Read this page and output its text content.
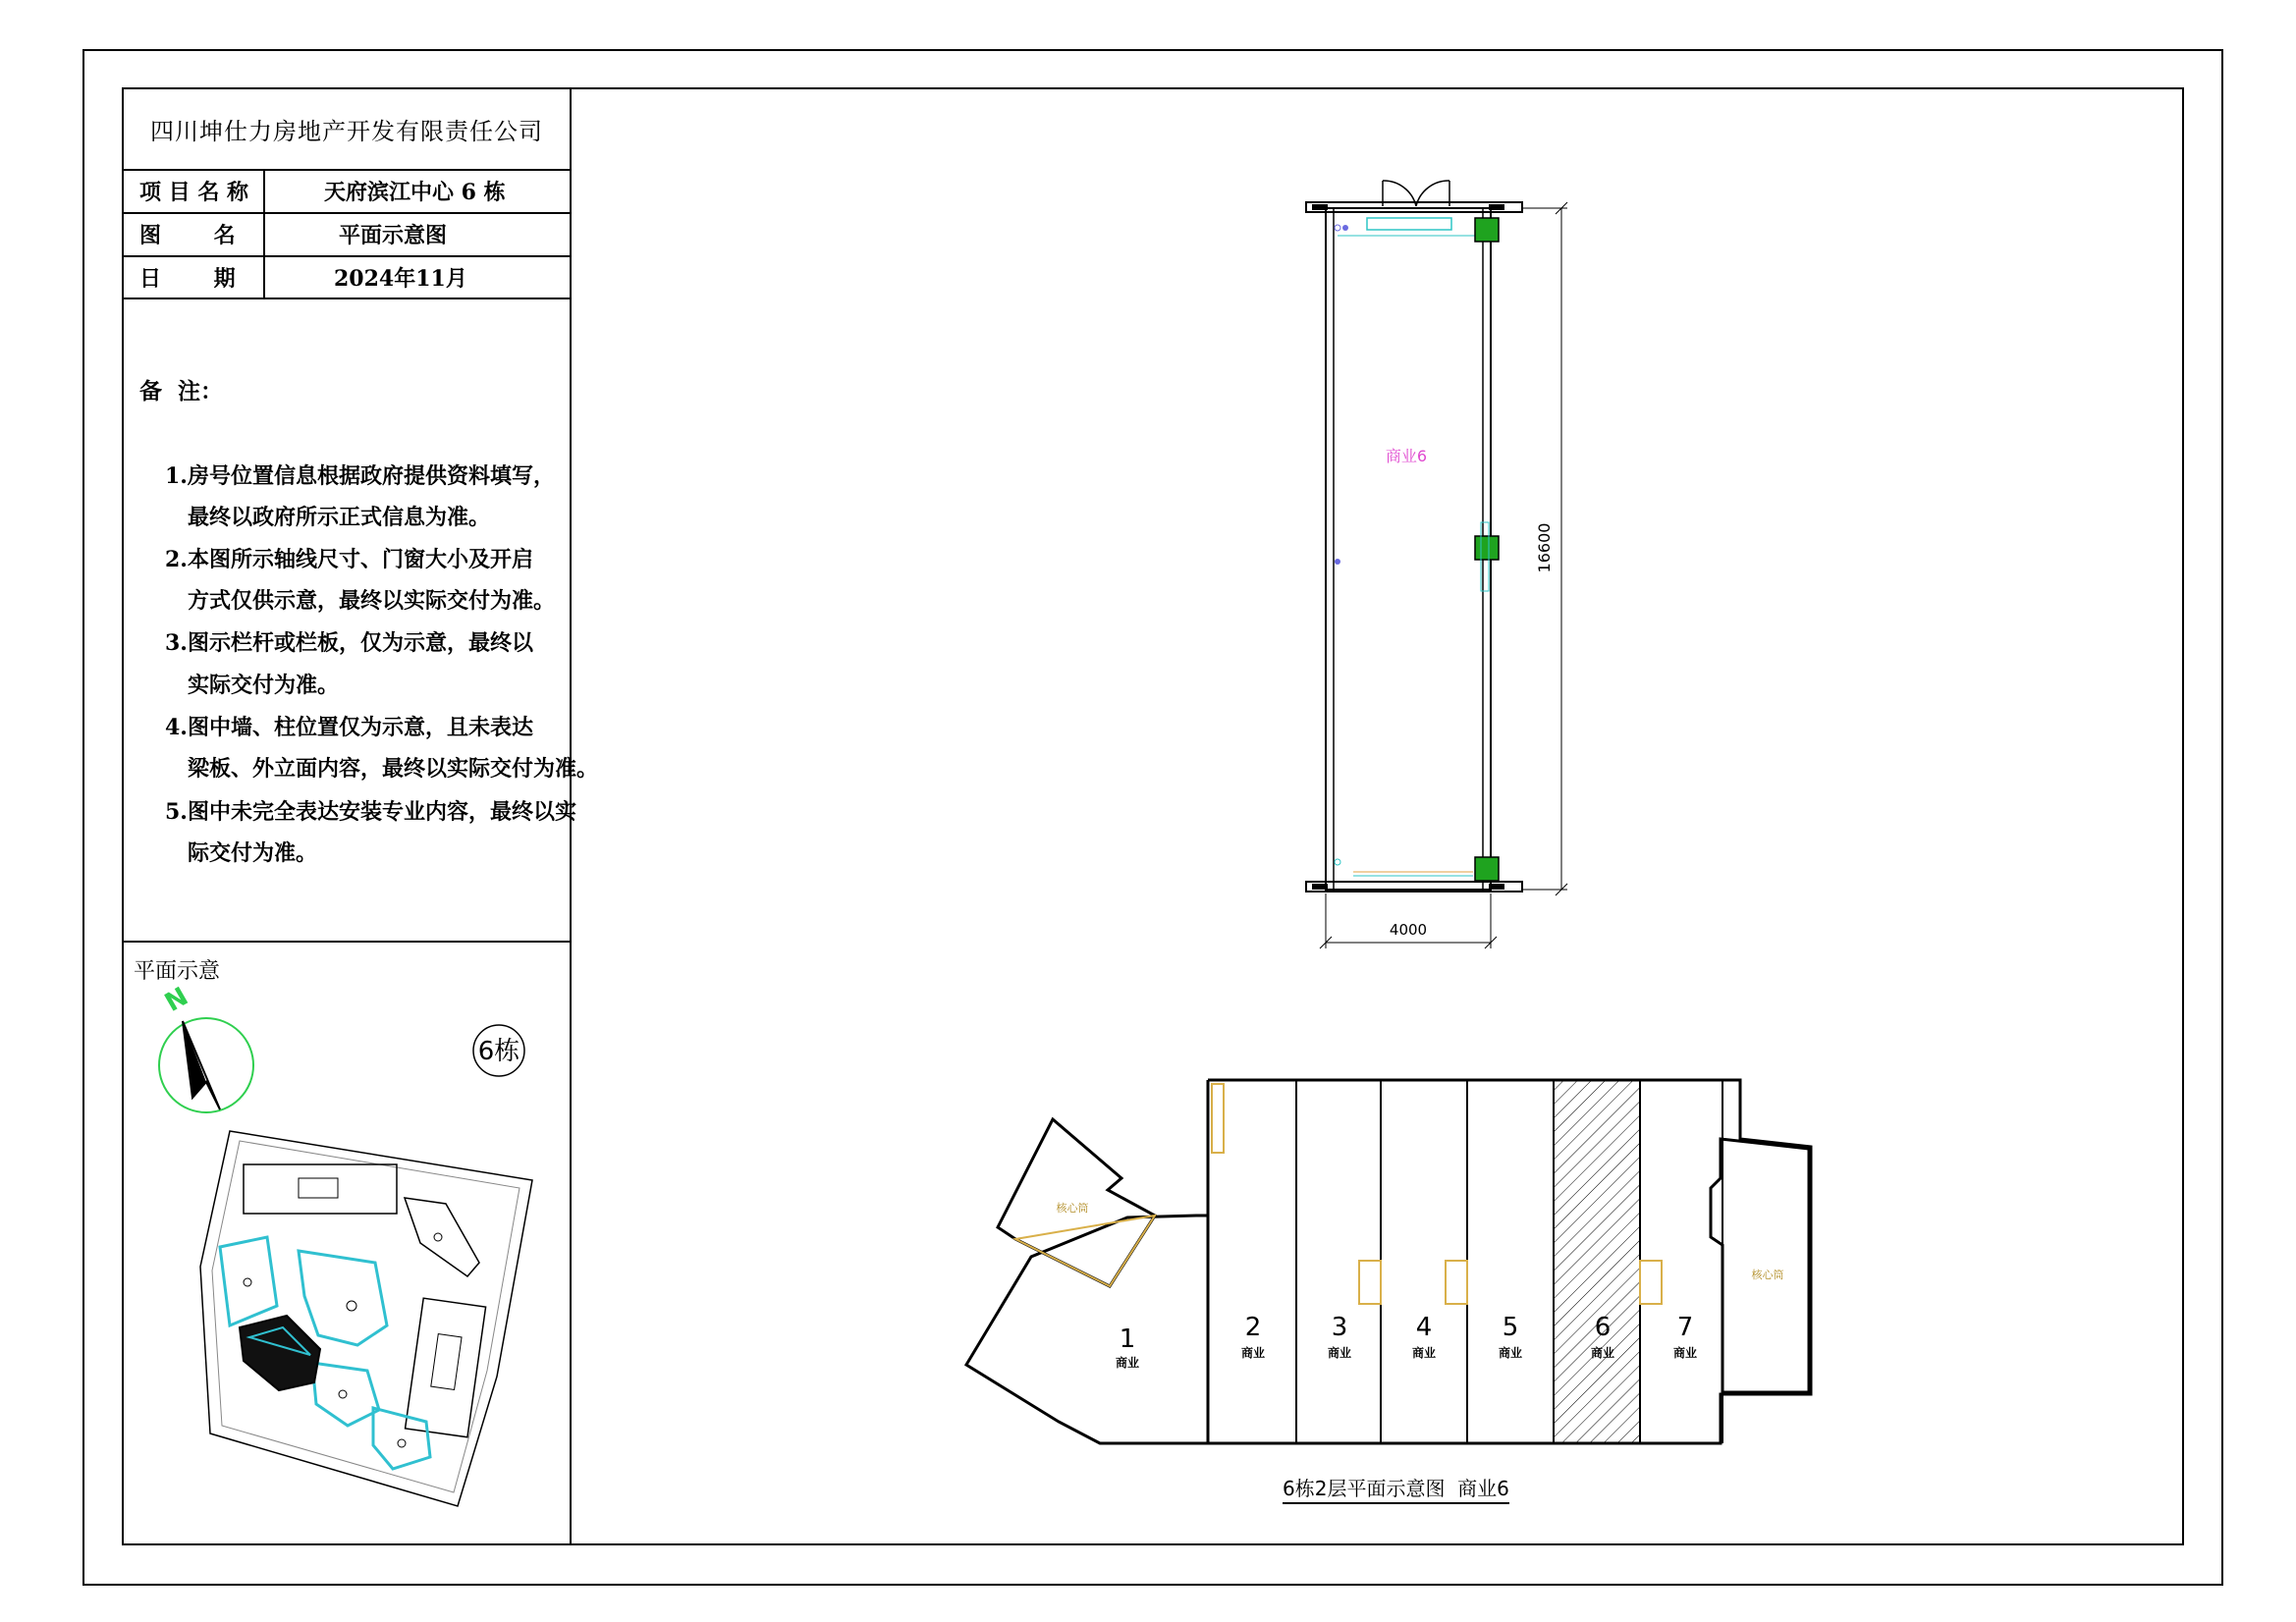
四川坤仕力房地产开发有限责任公司
项 目 名 称	天府滨江中心 6 栋
图       名	平面示意图
日       期	2024年11月
备  注：
1.房号位置信息根据政府提供资料填写，
最终以政府所示正式信息为准。
2.本图所示轴线尺寸、门窗大小及开启
方式仅供示意，最终以实际交付为准。
3.图示栏杆或栏板，仅为示意，最终以
实际交付为准。
4.图中墙、柱位置仅为示意，且未表达
梁板、外立面内容，最终以实际交付为准。
5.图中未完全表达安装专业内容，最终以实
际交付为准。
平面示意
N
6栋
商业6
16600
4000
1
商业
2
商业
3
商业
4
商业
5
商业
6
商业
7
商业
核心筒
核心筒
6栋2层平面示意图  商业6
